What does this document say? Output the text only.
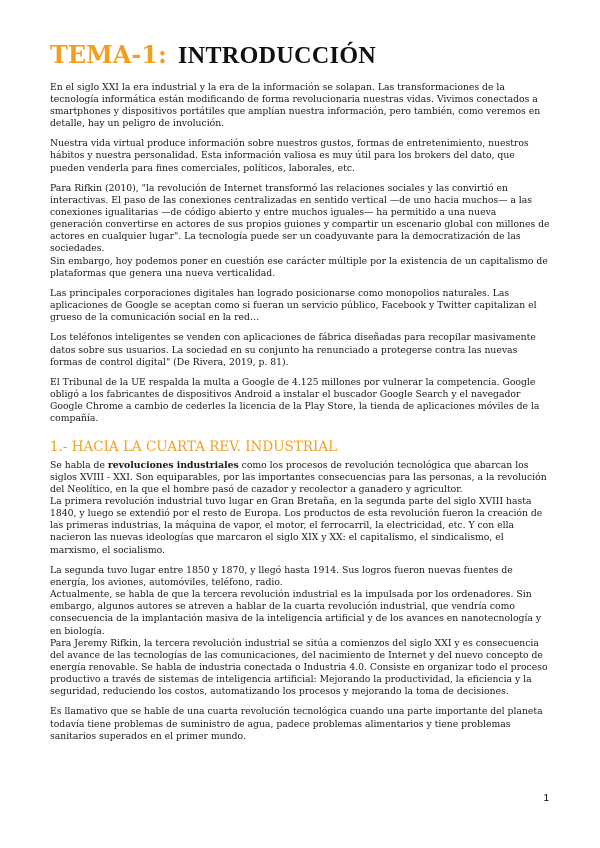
TEMA-1: INTRODUCCIÓN

En el siglo XXI la era industrial y la era de la información se solapan. Las transformaciones de la tecnología informática están modificando de forma revolucionaria nuestras vidas. Vivimos conectados a smartphones y dispositivos portátiles que amplían nuestra información, pero también, como veremos en detalle, hay un peligro de involución.

Nuestra vida virtual produce información sobre nuestros gustos, formas de entretenimiento, nuestros hábitos y nuestra personalidad. Esta información valiosa es muy útil para los brokers del dato, que pueden venderla para fines comerciales, políticos, laborales, etc.

Para Rifkin (2010), "la revolución de Internet transformó las relaciones sociales y las convirtió en interactivas. El paso de las conexiones centralizadas en sentido vertical —de uno hacia muchos— a las conexiones igualitarias —de código abierto y entre muchos iguales— ha permitido a una nueva generación convertirse en actores de sus propios guiones y compartir un escenario global con millones de actores en cualquier lugar". La tecnología puede ser un coadyuvante para la democratización de las sociedades.

Sin embargo, hoy podemos poner en cuestión ese carácter múltiple por la existencia de un capitalismo de plataformas que genera una nueva verticalidad.

Las principales corporaciones digitales han logrado posicionarse como monopolios naturales. Las aplicaciones de Google se aceptan como si fueran un servicio público, Facebook y Twitter capitalizan el grueso de la comunicación social en la red…

Los teléfonos inteligentes se venden con aplicaciones de fábrica diseñadas para recopilar masivamente datos sobre sus usuarios. La sociedad en su conjunto ha renunciado a protegerse contra las nuevas formas de control digital" (De Rivera, 2019, p. 81).

El Tribunal de la UE respalda la multa a Google de 4.125 millones por vulnerar la competencia. Google obligó a los fabricantes de dispositivos Android a instalar el buscador Google Search y el navegador Google Chrome a cambio de cederles la licencia de la Play Store, la tienda de aplicaciones móviles de la compañía.

1.- HACIA LA CUARTA REV. INDUSTRIAL

Se habla de revoluciones industriales como los procesos de revolución tecnológica que abarcan los siglos XVIII - XXI. Son equiparables, por las importantes consecuencias para las personas, a la revolución del Neolítico, en la que el hombre pasó de cazador y recolector a ganadero y agricultor.

La primera revolución industrial tuvo lugar en Gran Bretaña, en la segunda parte del siglo XVIII hasta 1840, y luego se extendió por el resto de Europa. Los productos de esta revolución fueron la creación de las primeras industrias, la máquina de vapor, el motor, el ferrocarril, la electricidad, etc. Y con ella nacieron las nuevas ideologías que marcaron el siglo XIX y XX: el capitalismo, el sindicalismo, el marxismo, el socialismo.

La segunda tuvo lugar entre 1850 y 1870, y llegó hasta 1914. Sus logros fueron nuevas fuentes de energía, los aviones, automóviles, teléfono, radio.

Actualmente, se habla de que la tercera revolución industrial es la impulsada por los ordenadores. Sin embargo, algunos autores se atreven a hablar de la cuarta revolución industrial, que vendría como consecuencia de la implantación masiva de la inteligencia artificial y de los avances en nanotecnología y en biología.

Para Jeremy Rifkin, la tercera revolución industrial se sitúa a comienzos del siglo XXI y es consecuencia del avance de las tecnologías de las comunicaciones, del nacimiento de Internet y del nuevo concepto de energía renovable. Se habla de industria conectada o Industria 4.0. Consiste en organizar todo el proceso productivo a través de sistemas de inteligencia artificial: Mejorando la productividad, la eficiencia y la seguridad, reduciendo los costos, automatizando los procesos y mejorando la toma de decisiones.

Es llamativo que se hable de una cuarta revolución tecnológica cuando una parte importante del planeta todavía tiene problemas de suministro de agua, padece problemas alimentarios y tiene problemas sanitarios superados en el primer mundo.

1
